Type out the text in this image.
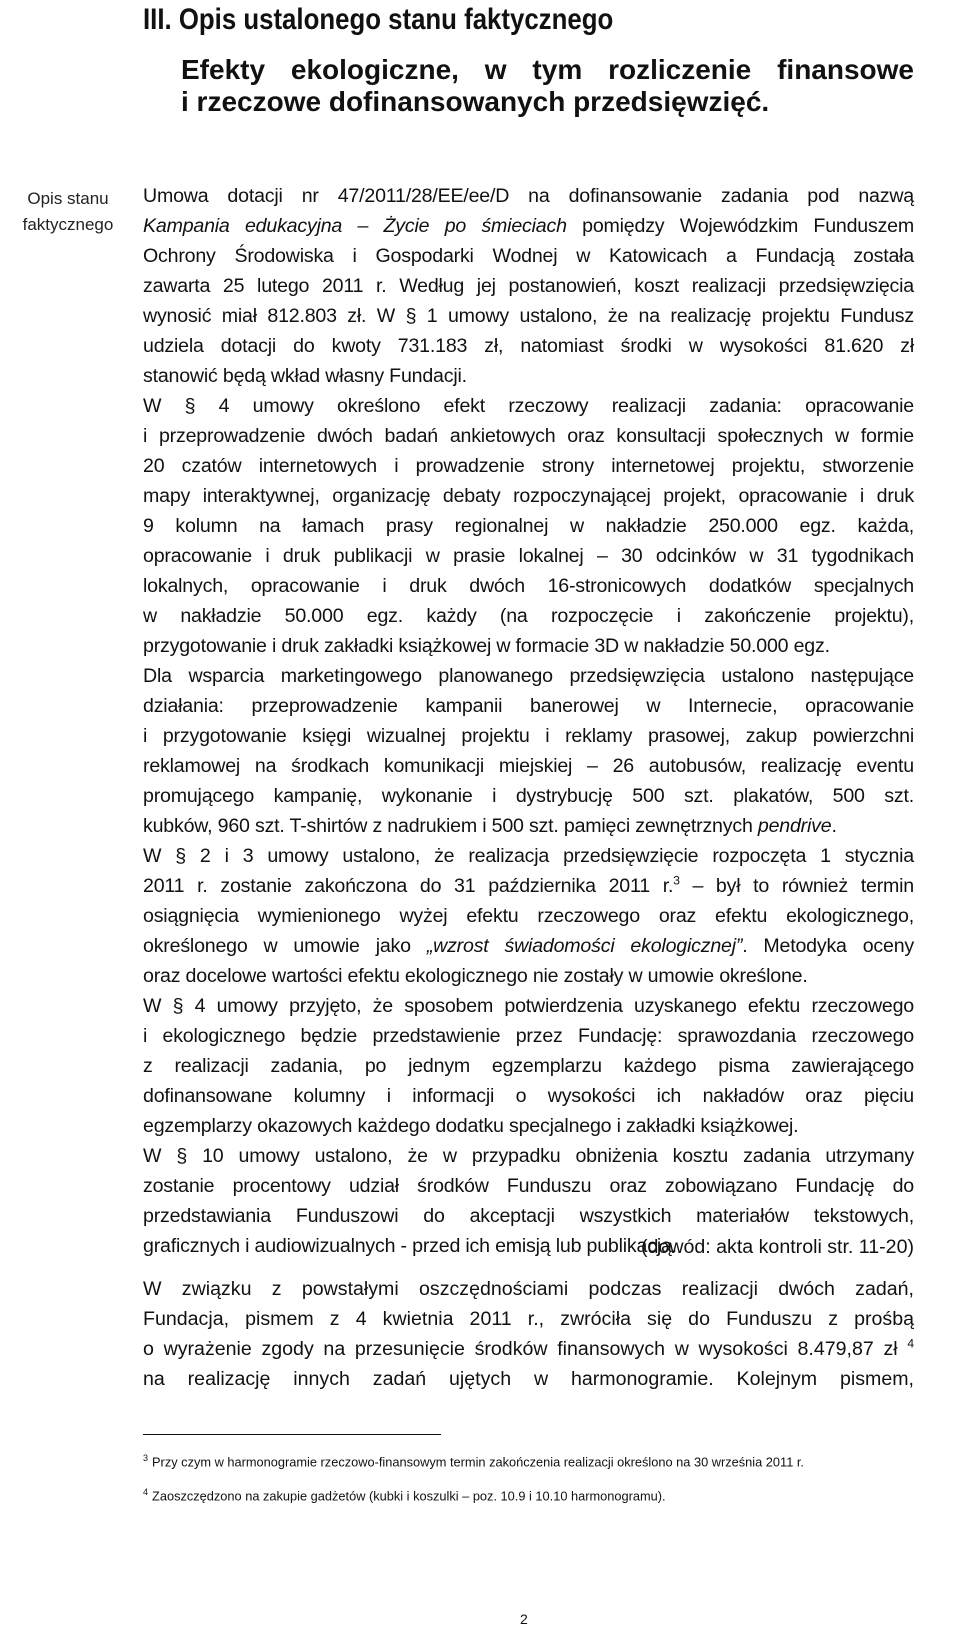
III. Opis ustalonego stanu faktycznego
Efekty ekologiczne, w tym rozliczenie finansowe
i rzeczowe dofinansowanych przedsięwzięć.
Opis stanu
faktycznego

Umowa dotacji nr 47/2011/28/EE/ee/D na dofinansowanie zadania pod nazwą
Kampania edukacyjna – Życie po śmieciach pomiędzy Wojewódzkim Funduszem
Ochrony Środowiska i Gospodarki Wodnej w Katowicach a Fundacją została
zawarta 25 lutego 2011 r. Według jej postanowień, koszt realizacji przedsięwzięcia
wynosić miał 812.803 zł. W § 1 umowy ustalono, że na realizację projektu Fundusz
udziela dotacji do kwoty 731.183 zł, natomiast środki w wysokości 81.620 zł
stanowić będą wkład własny Fundacji.

W § 4 umowy określono efekt rzeczowy realizacji zadania: opracowanie
i przeprowadzenie dwóch badań ankietowych oraz konsultacji społecznych w formie
20 czatów internetowych i prowadzenie strony internetowej projektu, stworzenie
mapy interaktywnej, organizację debaty rozpoczynającej projekt, opracowanie i druk
9 kolumn na łamach prasy regionalnej w nakładzie 250.000 egz. każda,
opracowanie i druk publikacji w prasie lokalnej – 30 odcinków w 31 tygodnikach
lokalnych, opracowanie i druk dwóch 16-stronicowych dodatków specjalnych
w nakładzie 50.000 egz. każdy (na rozpoczęcie i zakończenie projektu),
przygotowanie i druk zakładki książkowej w formacie 3D w nakładzie 50.000 egz.

Dla wsparcia marketingowego planowanego przedsięwzięcia ustalono następujące
działania: przeprowadzenie kampanii banerowej w Internecie, opracowanie
i przygotowanie księgi wizualnej projektu i reklamy prasowej, zakup powierzchni
reklamowej na środkach komunikacji miejskiej – 26 autobusów, realizację eventu
promującego kampanię, wykonanie i dystrybucję 500 szt. plakatów, 500 szt.
kubków, 960 szt. T-shirtów z nadrukiem i 500 szt. pamięci zewnętrznych pendrive.

W § 2 i 3 umowy ustalono, że realizacja przedsięwzięcie rozpoczęta 1 stycznia
2011 r. zostanie zakończona do 31 października 2011 r.$^3$ – był to również termin
osiągnięcia wymienionego wyżej efektu rzeczowego oraz efektu ekologicznego,
określonego w umowie jako „wzrost świadomości ekologicznej”. Metodyka oceny
oraz docelowe wartości efektu ekologicznego nie zostały w umowie określone.

W § 4 umowy przyjęto, że sposobem potwierdzenia uzyskanego efektu rzeczowego
i ekologicznego będzie przedstawienie przez Fundację: sprawozdania rzeczowego
z realizacji zadania, po jednym egzemplarzu każdego pisma zawierającego
dofinansowane kolumny i informacji o wysokości ich nakładów oraz pięciu
egzemplarzy okazowych każdego dodatku specjalnego i zakładki książkowej.

W § 10 umowy ustalono, że w przypadku obniżenia kosztu zadania utrzymany
zostanie procentowy udział środków Funduszu oraz zobowiązano Fundację do
przedstawiania Funduszowi do akceptacji wszystkich materiałów tekstowych,
graficznych i audiowizualnych - przed ich emisją lub publikacją.

(dowód: akta kontroli str. 11-20)
W związku z powstałymi oszczędnościami podczas realizacji dwóch zadań,
Fundacja, pismem z 4 kwietnia 2011 r., zwróciła się do Funduszu z prośbą
o wyrażenie zgody na przesunięcie środków finansowych w wysokości 8.479,87 zł $^4$
na realizację innych zadań ujętych w harmonogramie. Kolejnym pismem,

$^3$ Przy czym w harmonogramie rzeczowo-finansowym termin zakończenia realizacji określono na 30 września 2011 r.

$^4$ Zaoszczędzono na zakupie gadżetów (kubki i koszulki – poz. 10.9 i 10.10 harmonogramu).

2
